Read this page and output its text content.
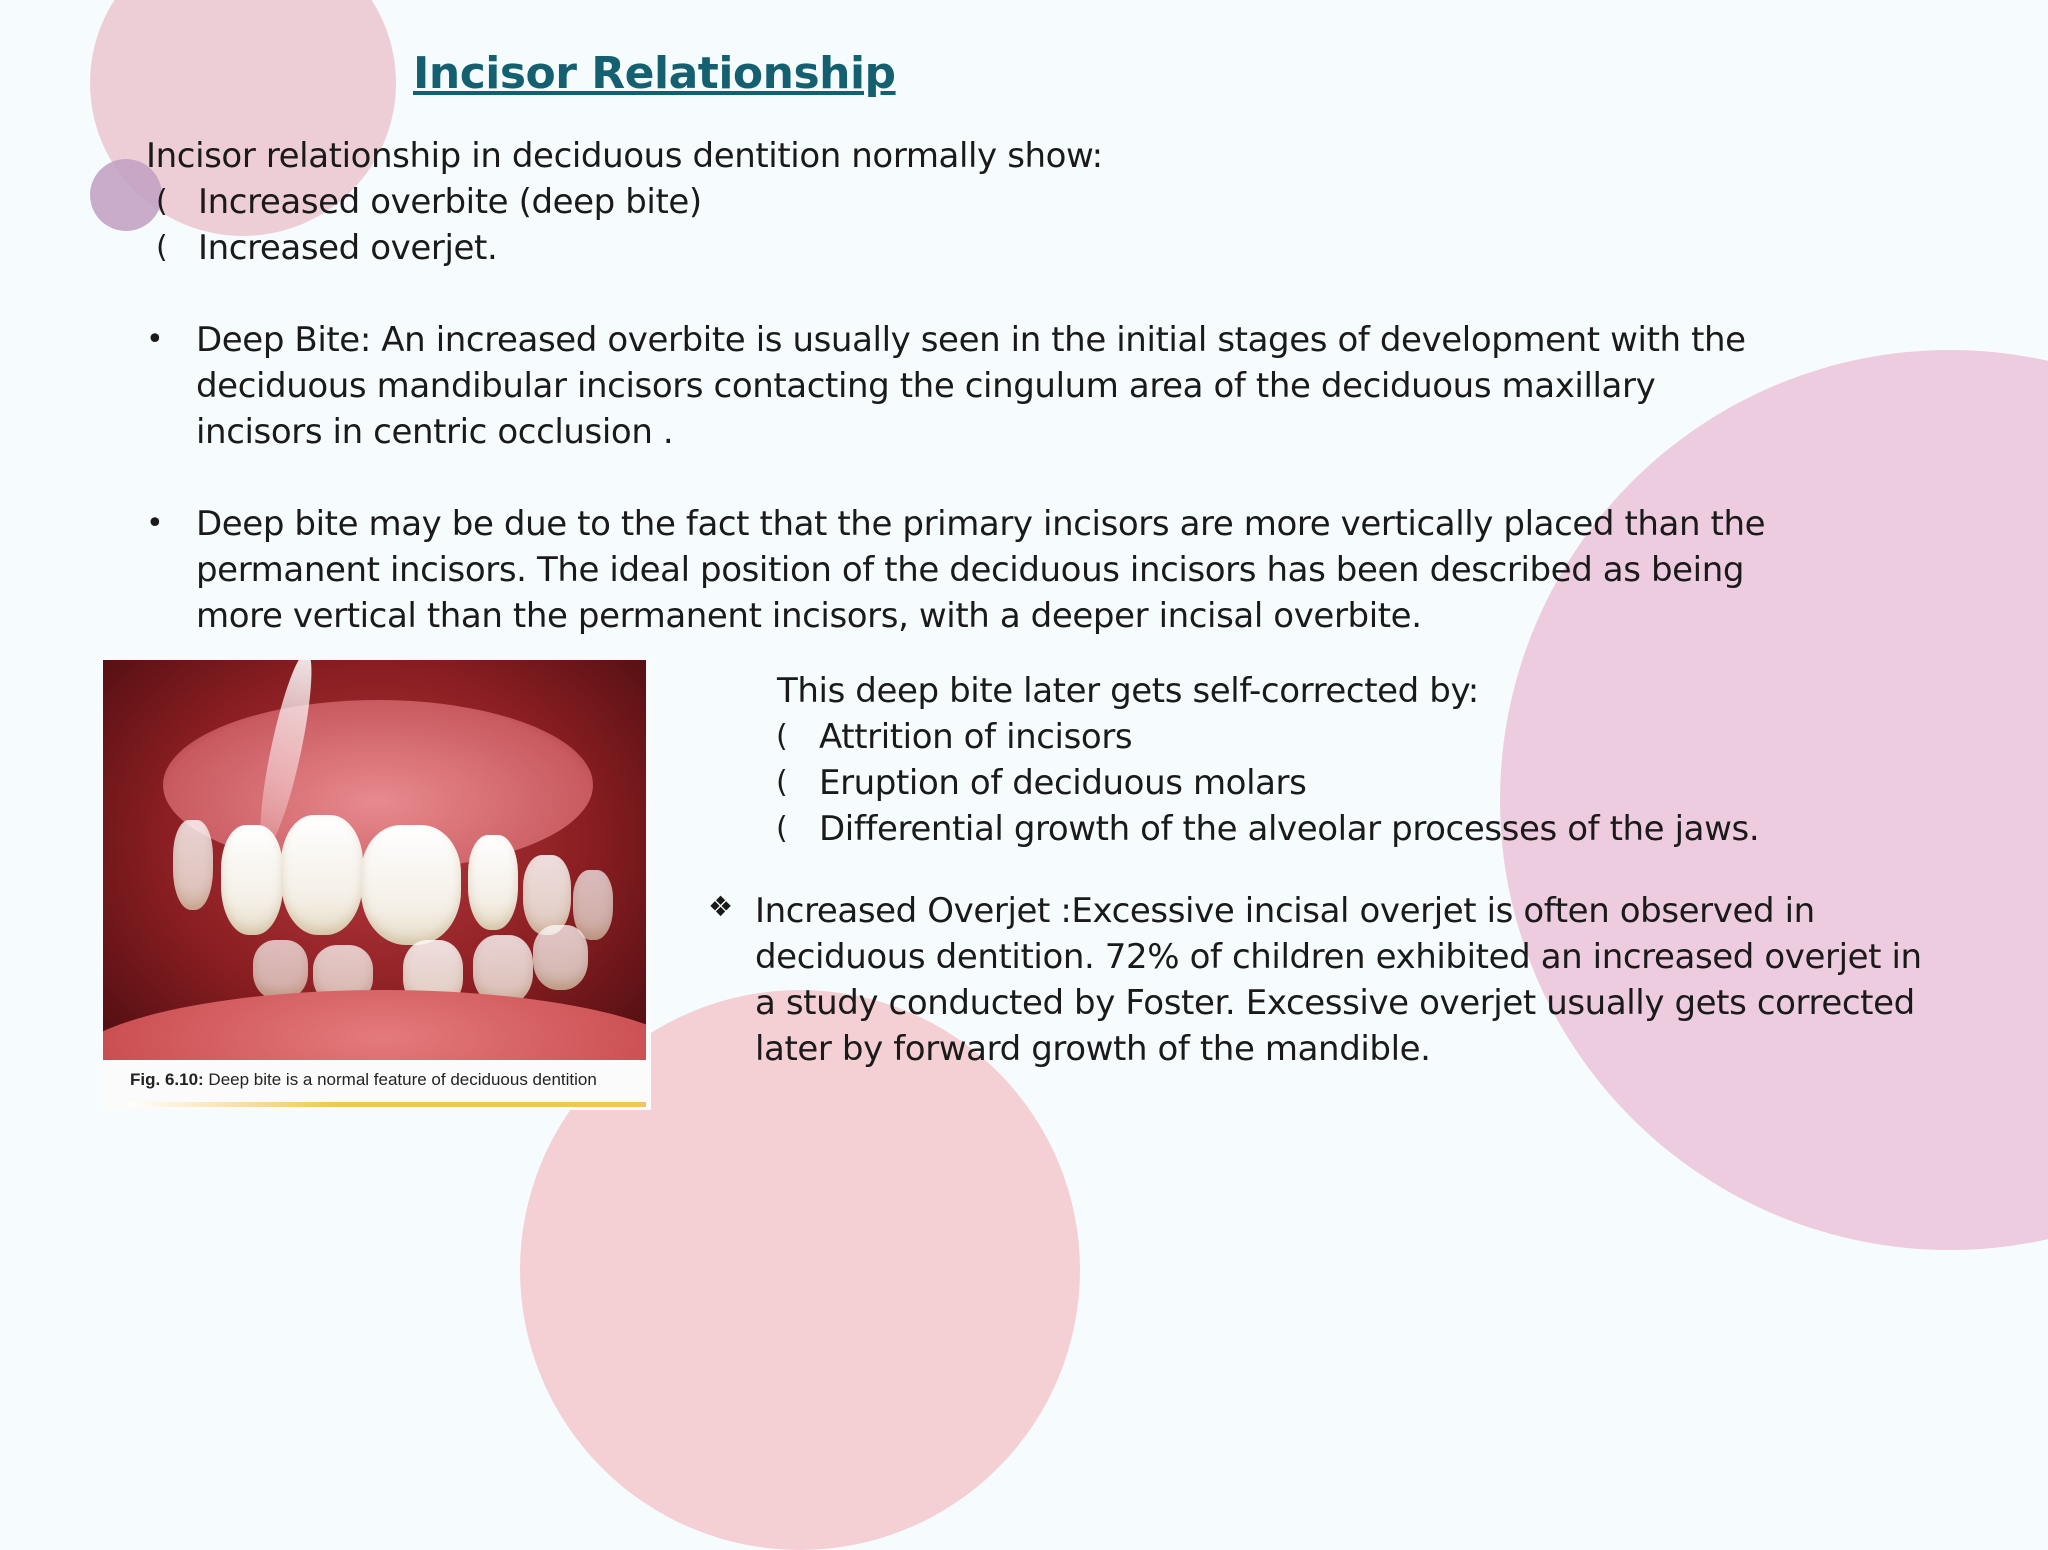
Incisor Relationship
Incisor relationship in deciduous dentition normally show:
( Increased overbite (deep bite)
( Increased overjet.
• Deep Bite: An increased overbite is usually seen in the initial stages of development with the
deciduous mandibular incisors contacting the cingulum area of the deciduous maxillary
incisors in centric occlusion .
• Deep bite may be due to the fact that the primary incisors are more vertically placed than the
permanent incisors. The ideal position of the deciduous incisors has been described as being
more vertical than the permanent incisors, with a deeper incisal overbite.
This deep bite later gets self-corrected by:
( Attrition of incisors
( Eruption of deciduous molars
( Differential growth of the alveolar processes of the jaws.
❖ Increased Overjet :Excessive incisal overjet is often observed in
deciduous dentition. 72% of children exhibited an increased overjet in
a study conducted by Foster. Excessive overjet usually gets corrected
later by forward growth of the mandible.
Fig. 6.10: Deep bite is a normal feature of deciduous dentition
